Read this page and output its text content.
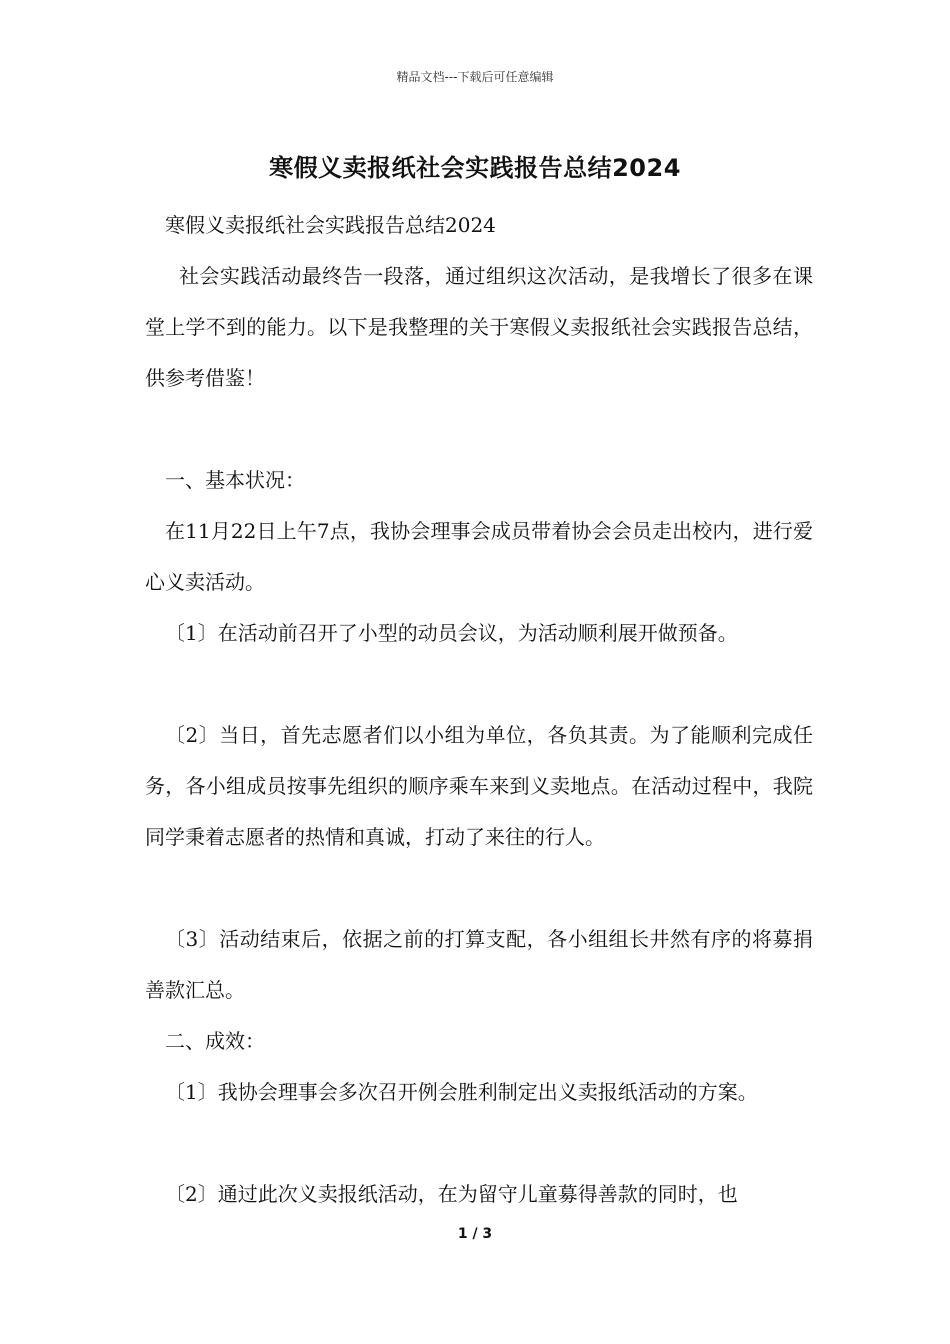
精品文档---下载后可任意编辑
寒假义卖报纸社会实践报告总结2024

寒假义卖报纸社会实践报告总结2024

社会实践活动最终告一段落，通过组织这次活动，是我增长了很多在课堂上学不到的能力。以下是我整理的关于寒假义卖报纸社会实践报告总结，供参考借鉴！

一、基本状况：

在11月22日上午7点，我协会理事会成员带着协会会员走出校内，进行爱心义卖活动。

〔1〕在活动前召开了小型的动员会议，为活动顺利展开做预备。

〔2〕当日，首先志愿者们以小组为单位，各负其责。为了能顺利完成任务，各小组成员按事先组织的顺序乘车来到义卖地点。在活动过程中，我院同学秉着志愿者的热情和真诚，打动了来往的行人。

〔3〕活动结束后，依据之前的打算支配，各小组组长井然有序的将募捐善款汇总。

二、成效：

〔1〕我协会理事会多次召开例会胜利制定出义卖报纸活动的方案。

〔2〕通过此次义卖报纸活动，在为留守儿童募得善款的同时，也

1 / 3
